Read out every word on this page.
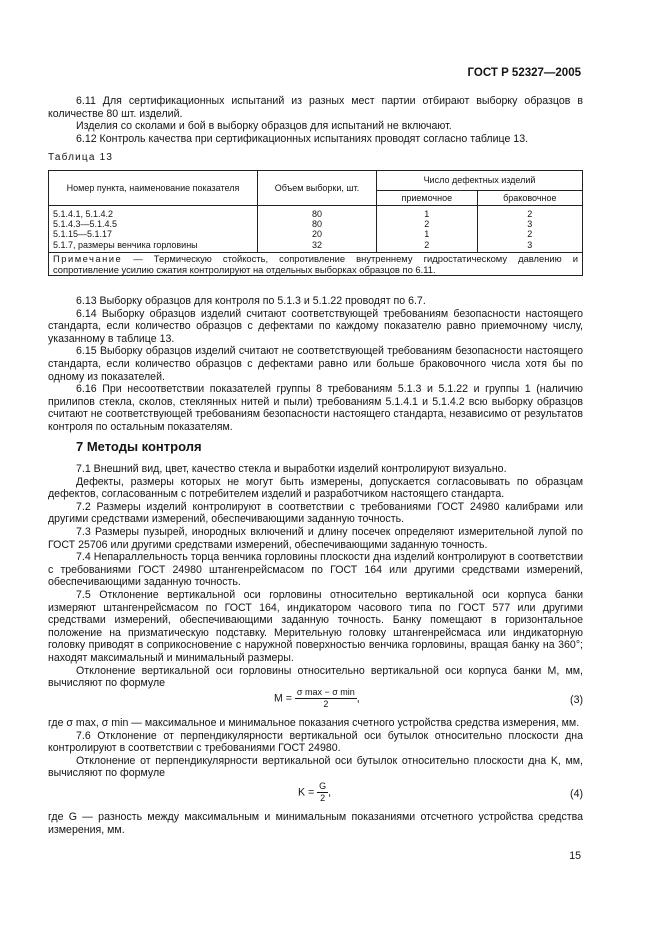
ГОСТ Р 52327—2005

6.11 Для сертификационных испытаний из разных мест партии отбирают выборку образцов в количестве 80 шт. изделий.

Изделия со сколами и бой в выборку образцов для испытаний не включают.

6.12 Контроль качества при сертификационных испытаниях проводят согласно таблице 13.

Таблица 13
Номер пункта, наименование показателя	Объем выборки, шт.	Число дефектных изделий	
		приемочное	браковочное
5.1.4.1, 5.1.4.2	80	1	2
5.1.4.3—5.1.4.5	80	2	3
5.1.15—5.1.17	20	1	2
5.1.7, размеры венчика горловины	32	2	3
Примечание — Термическую стойкость, сопротивление внутреннему гидростатическому давлению и сопротивление усилию сжатия контролируют на отдельных выборках образцов по 6.11.			

6.13 Выборку образцов для контроля по 5.1.3 и 5.1.22 проводят по 6.7.

6.14 Выборку образцов изделий считают соответствующей требованиям безопасности настоящего стандарта, если количество образцов с дефектами по каждому показателю равно приемочному числу, указанному в таблице 13.

6.15 Выборку образцов изделий считают не соответствующей требованиям безопасности настоящего стандарта, если количество образцов с дефектами равно или больше браковочного числа хотя бы по одному из показателей.

6.16 При несоответствии показателей группы 8 требованиям 5.1.3 и 5.1.22 и группы 1 (наличию прилипов стекла, сколов, стеклянных нитей и пыли) требованиям 5.1.4.1 и 5.1.4.2 всю выборку образцов считают не соответствующей требованиям безопасности настоящего стандарта, независимо от результатов контроля по остальным показателям.

7 Методы контроля

7.1 Внешний вид, цвет, качество стекла и выработки изделий контролируют визуально.

Дефекты, размеры которых не могут быть измерены, допускается согласовывать по образцам дефектов, согласованным с потребителем изделий и разработчиком настоящего стандарта.

7.2 Размеры изделий контролируют в соответствии с требованиями ГОСТ 24980 калибрами или другими средствами измерений, обеспечивающими заданную точность.

7.3 Размеры пузырей, инородных включений и длину посечек определяют измерительной лупой по ГОСТ 25706 или другими средствами измерений, обеспечивающими заданную точность.

7.4 Непараллельность торца венчика горловины плоскости дна изделий контролируют в соответствии с требованиями ГОСТ 24980 штангенрейсмасом по ГОСТ 164 или другими средствами измерений, обеспечивающими заданную точность.

7.5 Отклонение вертикальной оси горловины относительно вертикальной оси корпуса банки измеряют штангенрейсмасом по ГОСТ 164, индикатором часового типа по ГОСТ 577 или другими средствами измерений, обеспечивающими заданную точность. Банку помещают в горизонтальное положение на призматическую подставку. Мерительную головку штангенрейсмаса или индикаторную головку приводят в соприкосновение с наружной поверхностью венчика горловины, вращая банку на 360°; находят максимальный и минимальный размеры.

Отклонение вертикальной оси горловины относительно вертикальной оси корпуса банки M, мм, вычисляют по формуле

$M = \frac{\text{σ max − σ min}}{2}$ ,	(3)

где σ max, σ min — максимальное и минимальное показания счетного устройства средства измерения, мм.

7.6 Отклонение от перпендикулярности вертикальной оси бутылок относительно плоскости дна контролируют в соответствии с требованиями ГОСТ 24980.

Отклонение от перпендикулярности вертикальной оси бутылок относительно плоскости дна K, мм, вычисляют по формуле

$K = \frac{G}{2}$ ,	(4)

где G — разность между максимальным и минимальным показаниями отсчетного устройства средства измерения, мм.

15
